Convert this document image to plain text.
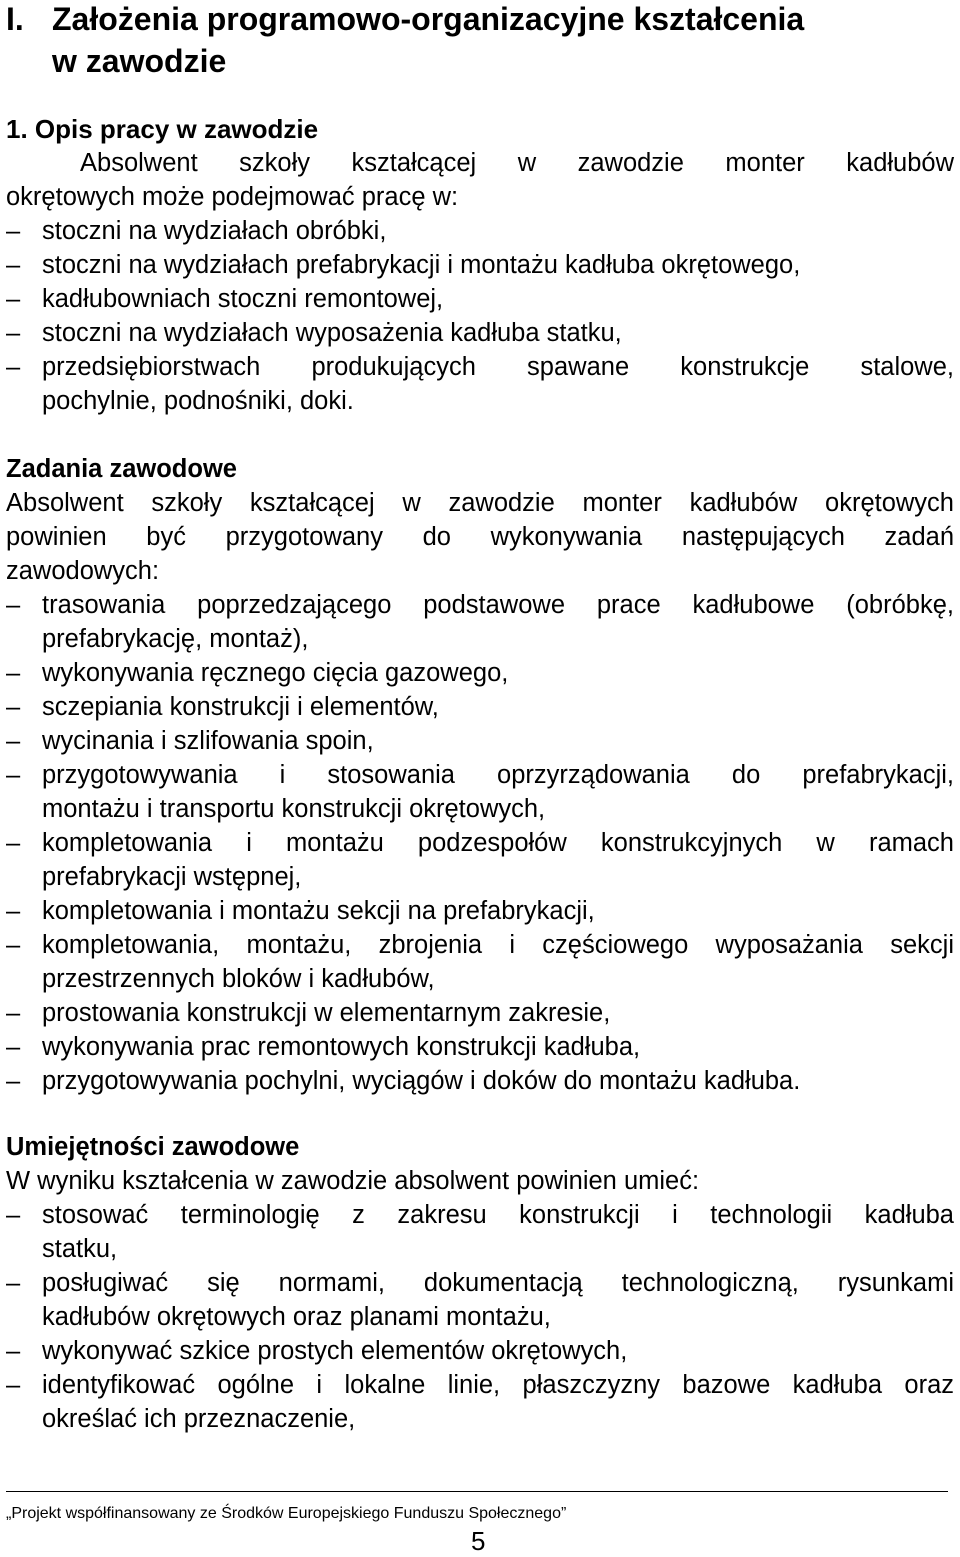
I. Założenia programowo-organizacyjne kształcenia
w zawodzie
1. Opis pracy w zawodzie

Absolwent szkoły kształcącej w zawodzie monter kadłubów

okrętowych może podejmować pracę w:

– stoczni na wydziałach obróbki,
– stoczni na wydziałach prefabrykacji i montażu kadłuba okrętowego,
– kadłubowniach stoczni remontowej,
– stoczni na wydziałach wyposażenia kadłuba statku,
– przedsiębiorstwach produkujących spawane konstrukcje stalowe,
pochylnie, podnośniki, doki.

Zadania zawodowe

Absolwent szkoły kształcącej w zawodzie monter kadłubów okrętowych

powinien być przygotowany do wykonywania następujących zadań

zawodowych:

– trasowania poprzedzającego podstawowe prace kadłubowe (obróbkę,
prefabrykację, montaż),
– wykonywania ręcznego cięcia gazowego,
– sczepiania konstrukcji i elementów,
– wycinania i szlifowania spoin,
– przygotowywania i stosowania oprzyrządowania do prefabrykacji,
montażu i transportu konstrukcji okrętowych,
– kompletowania i montażu podzespołów konstrukcyjnych w ramach
prefabrykacji wstępnej,
– kompletowania i montażu sekcji na prefabrykacji,
– kompletowania, montażu, zbrojenia i częściowego wyposażania sekcji
przestrzennych bloków i kadłubów,
– prostowania konstrukcji w elementarnym zakresie,
– wykonywania prac remontowych konstrukcji kadłuba,
– przygotowywania pochylni, wyciągów i doków do montażu kadłuba.

Umiejętności zawodowe

W wyniku kształcenia w zawodzie absolwent powinien umieć:

– stosować terminologię z zakresu konstrukcji i technologii kadłuba
statku,
– posługiwać się normami, dokumentacją technologiczną, rysunkami
kadłubów okrętowych oraz planami montażu,
– wykonywać szkice prostych elementów okrętowych,
– identyfikować ogólne i lokalne linie, płaszczyzny bazowe kadłuba oraz
określać ich przeznaczenie,
„Projekt współfinansowany ze Środków Europejskiego Funduszu Społecznego”
5
